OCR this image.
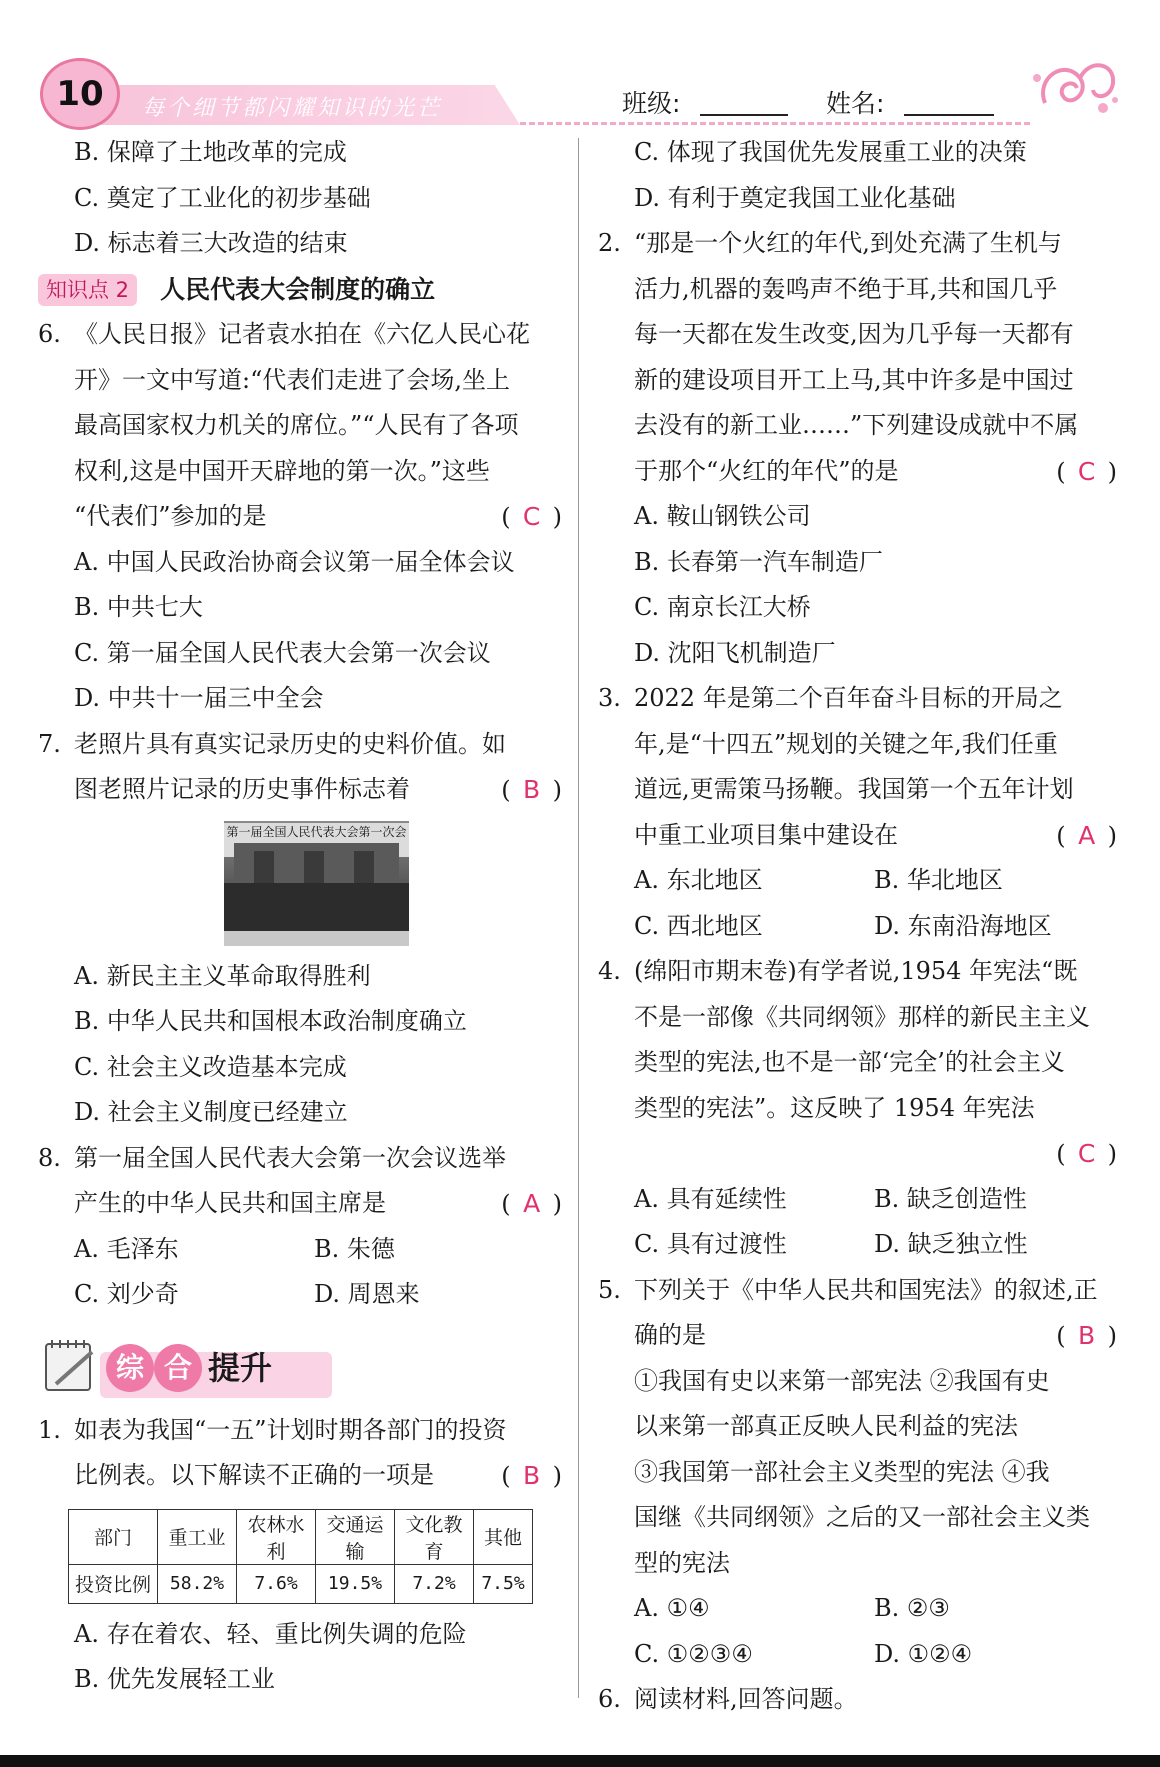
10	每个细节都闪耀知识的光芒	班级:	姓名:
B. 保障了土地改革的完成
C. 奠定了工业化的初步基础
D. 标志着三大改造的结束
知识点 2 人民代表大会制度的确立
6. 《人民日报》记者袁水拍在《六亿人民心花
开》一文中写道:“代表们走进了会场,坐上
最高国家权力机关的席位。”“人民有了各项
权利,这是中国开天辟地的第一次。”这些
“代表们”参加的是	( C )
A. 中国人民政治协商会议第一届全体会议
B. 中共七大
C. 第一届全国人民代表大会第一次会议
D. 中共十一届三中全会
7. 老照片具有真实记录历史的史料价值。如
图老照片记录的历史事件标志着	( B )
第一届全国人民代表大会第一次会
A. 新民主主义革命取得胜利
B. 中华人民共和国根本政治制度确立
C. 社会主义改造基本完成
D. 社会主义制度已经建立
8. 第一届全国人民代表大会第一次会议选举
产生的中华人民共和国主席是	( A )
A. 毛泽东	B. 朱德
C. 刘少奇	D. 周恩来
综 合 提升
1. 如表为我国“一五”计划时期各部门的投资
比例表。以下解读不正确的一项是	( B )
部门	重工业	农林水利	交通运输	文化教育	其他
投资比例	58.2%	7.6%	19.5%	7.2%	7.5%
A. 存在着农、轻、重比例失调的危险
B. 优先发展轻工业
C. 体现了我国优先发展重工业的决策
D. 有利于奠定我国工业化基础
2. “那是一个火红的年代,到处充满了生机与
活力,机器的轰鸣声不绝于耳,共和国几乎
每一天都在发生改变,因为几乎每一天都有
新的建设项目开工上马,其中许多是中国过
去没有的新工业……”下列建设成就中不属
于那个“火红的年代”的是	( C )
A. 鞍山钢铁公司
B. 长春第一汽车制造厂
C. 南京长江大桥
D. 沈阳飞机制造厂
3. 2022 年是第二个百年奋斗目标的开局之
年,是“十四五”规划的关键之年,我们任重
道远,更需策马扬鞭。我国第一个五年计划
中重工业项目集中建设在	( A )
A. 东北地区	B. 华北地区
C. 西北地区	D. 东南沿海地区
4. (绵阳市期末卷)有学者说,1954 年宪法“既
不是一部像《共同纲领》那样的新民主主义
类型的宪法,也不是一部‘完全’的社会主义
类型的宪法”。这反映了 1954 年宪法
( C )
A. 具有延续性	B. 缺乏创造性
C. 具有过渡性	D. 缺乏独立性
5. 下列关于《中华人民共和国宪法》的叙述,正
确的是	( B )
①我国有史以来第一部宪法 ②我国有史
以来第一部真正反映人民利益的宪法
③我国第一部社会主义类型的宪法 ④我
国继《共同纲领》之后的又一部社会主义类
型的宪法
A. ①④	B. ②③
C. ①②③④	D. ①②④
6. 阅读材料,回答问题。
